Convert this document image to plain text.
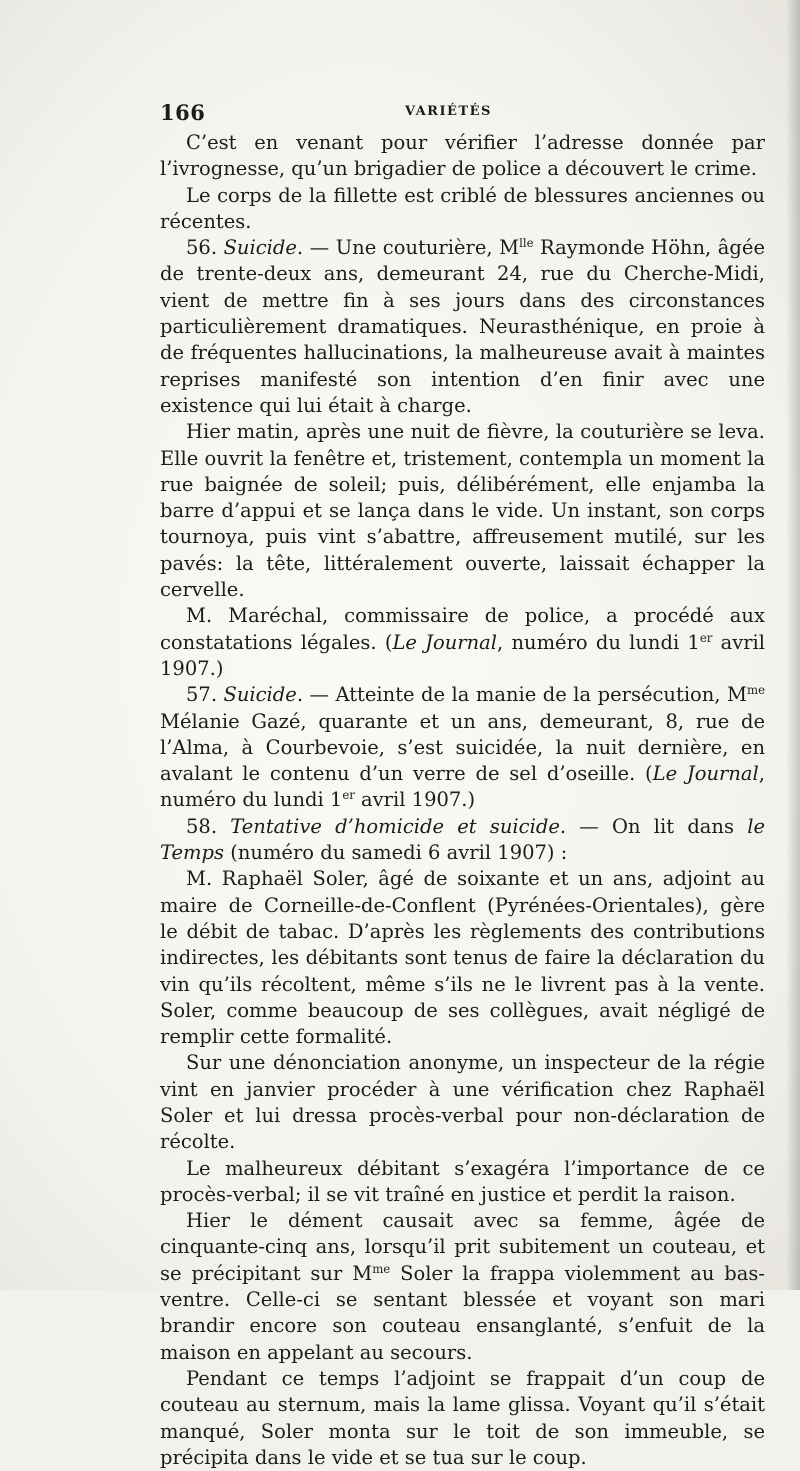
166	VARIÉTÉS

C’est en venant pour vérifier l’adresse donnée par l’ivrognesse, qu’un brigadier de police a découvert le crime.

Le corps de la fillette est criblé de blessures anciennes ou récentes.

56. Suicide. — Une couturière, $M^{lle}$ Raymonde Höhn, âgée de trente-deux ans, demeurant 24, rue du Cherche-Midi, vient de mettre fin à ses jours dans des circonstances particulièrement dramatiques. Neurasthénique, en proie à de fréquentes hallucinations, la malheureuse avait à maintes reprises manifesté son intention d’en finir avec une existence qui lui était à charge.

Hier matin, après une nuit de fièvre, la couturière se leva. Elle ouvrit la fenêtre et, tristement, contempla un moment la rue baignée de soleil; puis, délibérément, elle enjamba la barre d’appui et se lança dans le vide. Un instant, son corps tournoya, puis vint s’abattre, affreusement mutilé, sur les pavés: la tête, littéralement ouverte, laissait échapper la cervelle.

M. Maréchal, commissaire de police, a procédé aux constatations légales. (Le Journal, numéro du lundi 1er avril 1907.)

57. Suicide. — Atteinte de la manie de la persécution, $M^{me}$ Mélanie Gazé, quarante et un ans, demeurant, 8, rue de l’Alma, à Courbevoie, s’est suicidée, la nuit dernière, en avalant le contenu d’un verre de sel d’oseille. (Le Journal, numéro du lundi 1er avril 1907.)

58. Tentative d’homicide et suicide. — On lit dans le Temps (numéro du samedi 6 avril 1907) :

M. Raphaël Soler, âgé de soixante et un ans, adjoint au maire de Corneille-de-Conflent (Pyrénées-Orientales), gère le débit de tabac. D’après les règlements des contributions indirectes, les débitants sont tenus de faire la déclaration du vin qu’ils récoltent, même s’ils ne le livrent pas à la vente. Soler, comme beaucoup de ses collègues, avait négligé de remplir cette formalité.

Sur une dénonciation anonyme, un inspecteur de la régie vint en janvier procéder à une vérification chez Raphaël Soler et lui dressa procès-verbal pour non-déclaration de récolte.

Le malheureux débitant s’exagéra l’importance de ce procès-verbal; il se vit traîné en justice et perdit la raison.

Hier le dément causait avec sa femme, âgée de cinquante-cinq ans, lorsqu’il prit subitement un couteau, et se précipitant sur $M^{me}$ Soler la frappa violemment au bas-ventre. Celle-ci se sentant blessée et voyant son mari brandir encore son couteau ensanglanté, s’enfuit de la maison en appelant au secours.

Pendant ce temps l’adjoint se frappait d’un coup de couteau au sternum, mais la lame glissa. Voyant qu’il s’était manqué, Soler monta sur le toit de son immeuble, se précipita dans le vide et se tua sur le coup.
